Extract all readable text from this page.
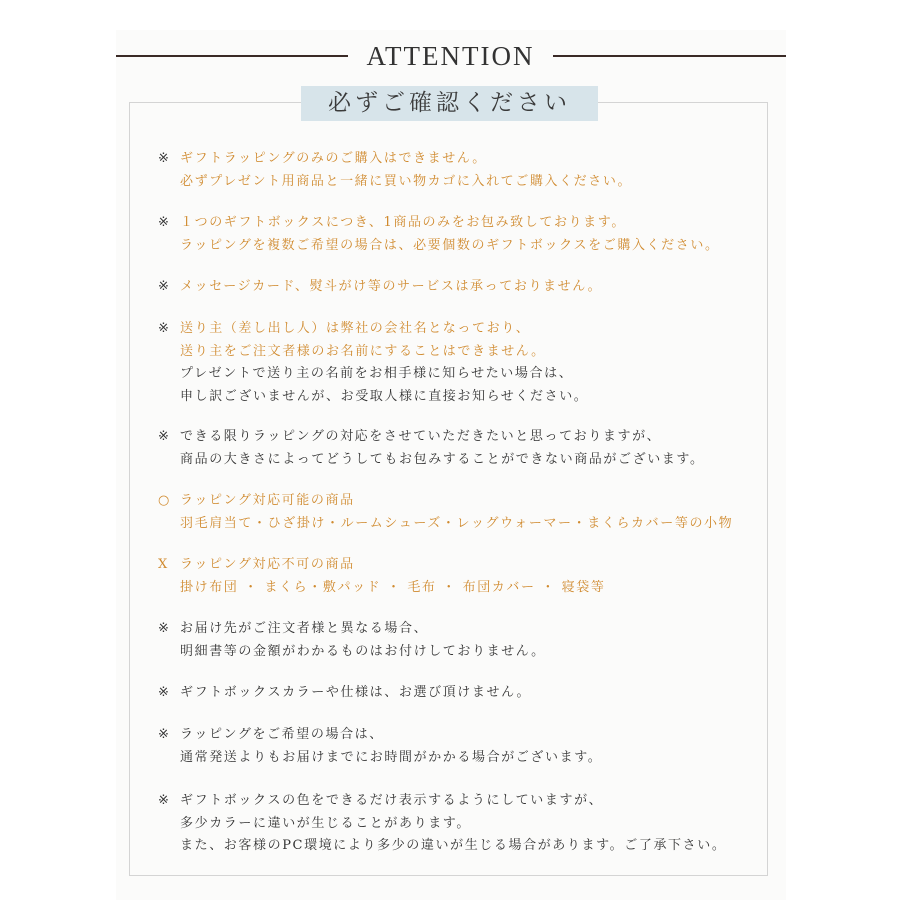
ATTENTION
必ずご確認ください
※ ギフトラッピングのみのご購入はできません。
必ずプレゼント用商品と一緒に買い物カゴに入れてご購入ください。
※ １つのギフトボックスにつき、1商品のみをお包み致しております。
ラッピングを複数ご希望の場合は、必要個数のギフトボックスをご購入ください。
※ メッセージカード、熨斗がけ等のサービスは承っておりません。
※ 送り主（差し出し人）は弊社の会社名となっており、
送り主をご注文者様のお名前にすることはできません。
プレゼントで送り主の名前をお相手様に知らせたい場合は、
申し訳ございませんが、お受取人様に直接お知らせください。
※ できる限りラッピングの対応をさせていただきたいと思っておりますが、
商品の大きさによってどうしてもお包みすることができない商品がございます。
○ ラッピング対応可能の商品
羽毛肩当て・ひざ掛け・ルームシューズ・レッグウォーマー・まくらカバー等の小物
X ラッピング対応不可の商品
掛け布団 ・ まくら・敷パッド ・ 毛布 ・ 布団カバー ・ 寝袋等
※ お届け先がご注文者様と異なる場合、
明細書等の金額がわかるものはお付けしておりません。
※ ギフトボックスカラーや仕様は、お選び頂けません。
※ ラッピングをご希望の場合は、
通常発送よりもお届けまでにお時間がかかる場合がございます。
※ ギフトボックスの色をできるだけ表示するようにしていますが、
多少カラーに違いが生じることがあります。
また、お客様のPC環境により多少の違いが生じる場合があります。ご了承下さい。
